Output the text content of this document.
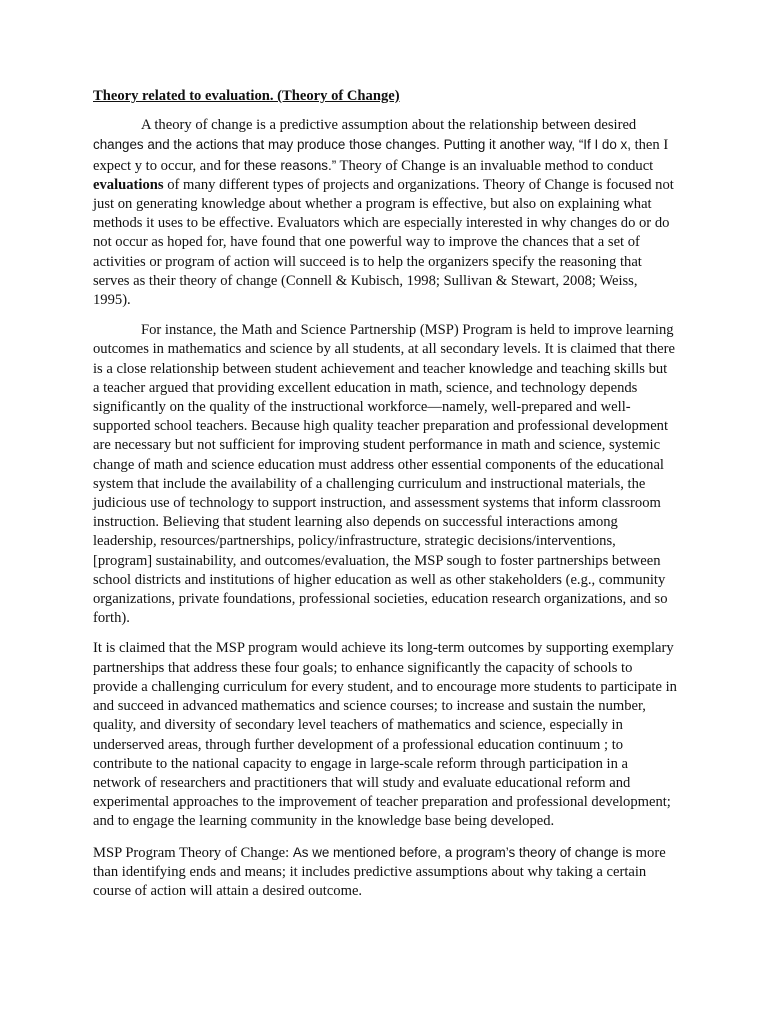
Theory related to evaluation. (Theory of Change)

A theory of change is a predictive assumption about the relationship between desired changes and the actions that may produce those changes. Putting it another way, “If I do x, then I expect y to occur, and for these reasons.” Theory of Change is an invaluable method to conduct evaluations of many different types of projects and organizations. Theory of Change is focused not just on generating knowledge about whether a program is effective, but also on explaining what methods it uses to be effective. Evaluators which are especially interested in why changes do or do not occur as hoped for, have found that one powerful way to improve the chances that a set of activities or program of action will succeed is to help the organizers specify the reasoning that serves as their theory of change (Connell & Kubisch, 1998; Sullivan & Stewart, 2008; Weiss, 1995).

For instance, the Math and Science Partnership (MSP) Program is held to improve learning outcomes in mathematics and science by all students, at all secondary levels. It is claimed that there is a close relationship between student achievement and teacher knowledge and teaching skills but a teacher argued that providing excellent education in math, science, and technology depends significantly on the quality of the instructional workforce—namely, well-prepared and well-supported school teachers. Because high quality teacher preparation and professional development are necessary but not sufficient for improving student performance in math and science, systemic change of math and science education must address other essential components of the educational system that include the availability of a challenging curriculum and instructional materials, the judicious use of technology to support instruction, and assessment systems that inform classroom instruction. Believing that student learning also depends on successful interactions among leadership, resources/partnerships, policy/infrastructure, strategic decisions/interventions, [program] sustainability, and outcomes/evaluation, the MSP sough to foster partnerships between school districts and institutions of higher education as well as other stakeholders (e.g., community organizations, private foundations, professional societies, education research organizations, and so forth).

It is claimed that the MSP program would achieve its long-term outcomes by supporting exemplary partnerships that address these four goals; to enhance significantly the capacity of schools to provide a challenging curriculum for every student, and to encourage more students to participate in and succeed in advanced mathematics and science courses; to increase and sustain the number, quality, and diversity of secondary level teachers of mathematics and science, especially in underserved areas, through further development of a professional education continuum ; to contribute to the national capacity to engage in large-scale reform through participation in a network of researchers and practitioners that will study and evaluate educational reform and experimental approaches to the improvement of teacher preparation and professional development; and to engage the learning community in the knowledge base being developed.

MSP Program Theory of Change: As we mentioned before, a program’s theory of change is more than identifying ends and means; it includes predictive assumptions about why taking a certain course of action will attain a desired outcome.
